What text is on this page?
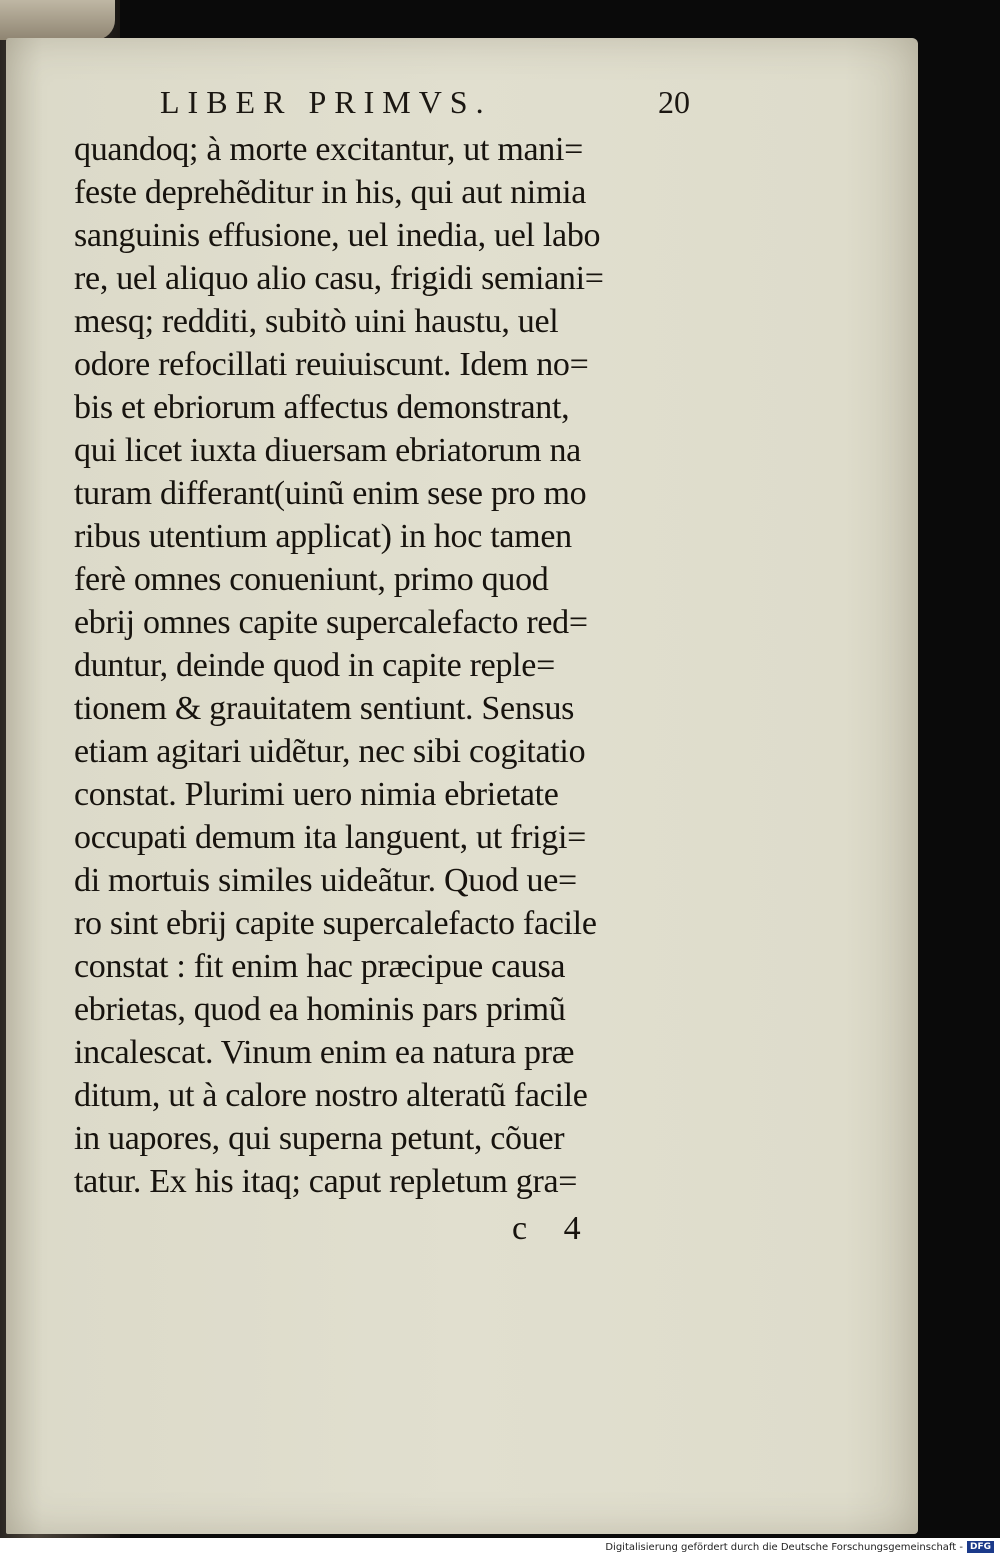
LIBER PRIMVS.	20
quandoq; à morte excitantur, ut mani=
feste deprehẽditur in his, qui aut nimia
sanguinis effusione, uel inedia, uel labo
re, uel aliquo alio casu, frigidi semiani=
mesq; redditi, subitò uini haustu, uel
odore refocillati reuiuiscunt. Idem no=
bis et ebriorum affectus demonstrant,
qui licet iuxta diuersam ebriatorum na
turam differant(uinũ enim sese pro mo
ribus utentium applicat) in hoc tamen
ferè omnes conueniunt, primo quod
ebrij omnes capite supercalefacto red=
duntur, deinde quod in capite reple=
tionem & grauitatem sentiunt. Sensus
etiam agitari uidẽtur, nec sibi cogitatio
constat. Plurimi uero nimia ebrietate
occupati demum ita languent, ut frigi=
di mortuis similes uideãtur. Quod ue=
ro sint ebrij capite supercalefacto facile
constat : fit enim hac præcipue causa
ebrietas, quod ea hominis pars primũ
incalescat. Vinum enim ea natura præ
ditum, ut à calore nostro alteratũ facile
in uapores, qui superna petunt, cõuer
tatur. Ex his itaq; caput repletum gra=
c 4
Digitalisierung gefördert durch die Deutsche Forschungsgemeinschaft - DFG
